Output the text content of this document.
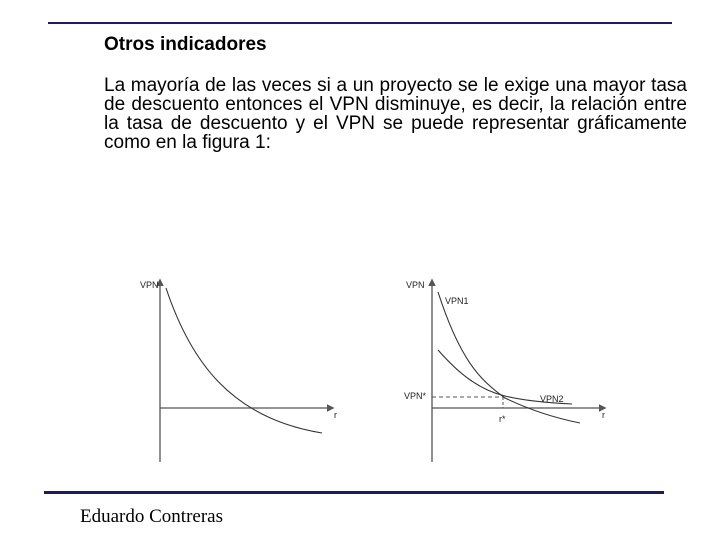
Otros indicadores
La mayoría de las veces si a un proyecto se le exige una mayor tasa de descuento entonces el VPN disminuye, es decir, la relación entre la tasa de descuento y el VPN se puede representar gráficamente como en la figura 1:
VPN
r
VPN
VPN1
VPN2
VPN*
r*	r
Eduardo Contreras
